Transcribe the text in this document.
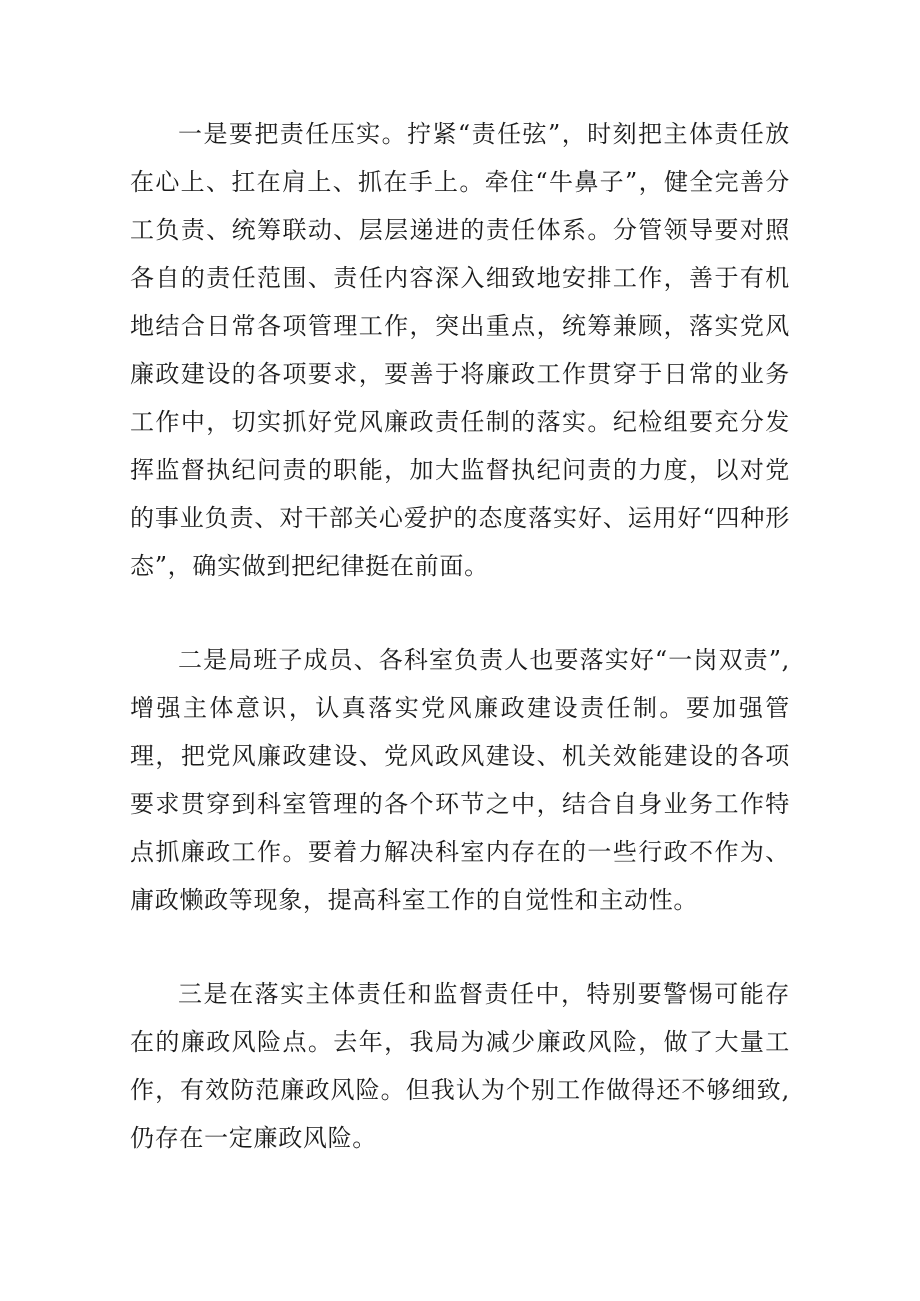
一是要把责任压实。拧紧“责任弦”，时刻把主体责任放在心上、扛在肩上、抓在手上。牵住“牛鼻子”，健全完善分工负责、统筹联动、层层递进的责任体系。分管领导要对照各自的责任范围、责任内容深入细致地安排工作，善于有机地结合日常各项管理工作，突出重点，统筹兼顾，落实党风廉政建设的各项要求，要善于将廉政工作贯穿于日常的业务工作中，切实抓好党风廉政责任制的落实。纪检组要充分发挥监督执纪问责的职能，加大监督执纪问责的力度，以对党的事业负责、对干部关心爱护的态度落实好、运用好“四种形态”，确实做到把纪律挺在前面。

二是局班子成员、各科室负责人也要落实好“一岗双责”,增强主体意识，认真落实党风廉政建设责任制。要加强管理，把党风廉政建设、党风政风建设、机关效能建设的各项要求贯穿到科室管理的各个环节之中，结合自身业务工作特点抓廉政工作。要着力解决科室内存在的一些行政不作为、庸政懒政等现象，提高科室工作的自觉性和主动性。

三是在落实主体责任和监督责任中，特别要警惕可能存在的廉政风险点。去年，我局为减少廉政风险，做了大量工作，有效防范廉政风险。但我认为个别工作做得还不够细致,仍存在一定廉政风险。
